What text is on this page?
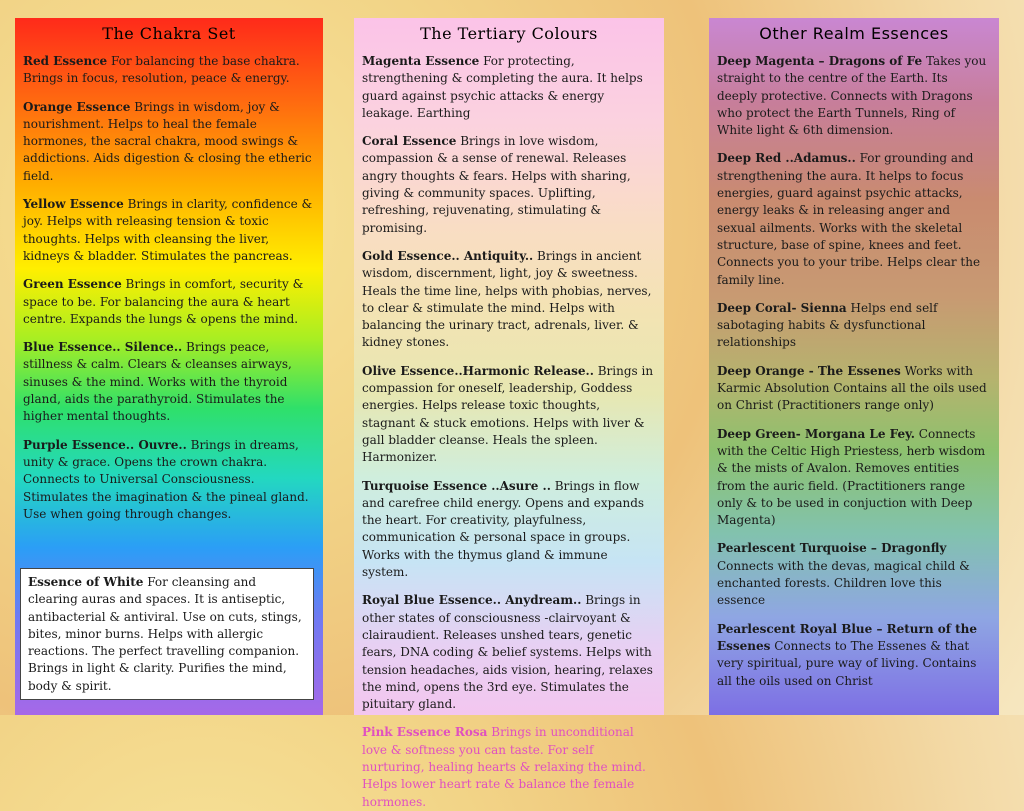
The Chakra Set

Red Essence For balancing the base chakra. Brings in focus, resolution, peace & energy.

Orange Essence Brings in wisdom, joy & nourishment. Helps to heal the female hormones, the sacral chakra, mood swings & addictions. Aids digestion & closing the etheric field.

Yellow Essence Brings in clarity, confidence & joy. Helps with releasing tension & toxic thoughts. Helps with cleansing the liver, kidneys & bladder. Stimulates the pancreas.

Green Essence Brings in comfort, security & space to be. For balancing the aura & heart centre. Expands the lungs & opens the mind.

Blue Essence.. Silence.. Brings peace, stillness & calm. Clears & cleanses airways, sinuses & the mind. Works with the thyroid gland, aids the parathyroid. Stimulates the higher mental thoughts.

Purple Essence.. Ouvre.. Brings in dreams, unity & grace. Opens the crown chakra. Connects to Universal Consciousness. Stimulates the imagination & the pineal gland. Use when going through changes.

Essence of White For cleansing and clearing auras and spaces. It is antiseptic, antibacterial & antiviral. Use on cuts, stings, bites, minor burns. Helps with allergic reactions. The perfect travelling companion. Brings in light & clarity. Purifies the mind, body & spirit.

The Tertiary Colours

Magenta Essence For protecting, strengthening & completing the aura. It helps guard against psychic attacks & energy leakage. Earthing

Coral Essence Brings in love wisdom, compassion & a sense of renewal. Releases angry thoughts & fears. Helps with sharing, giving & community spaces. Uplifting, refreshing, rejuvenating, stimulating & promising.

Gold Essence.. Antiquity.. Brings in ancient wisdom, discernment, light, joy & sweetness. Heals the time line, helps with phobias, nerves, to clear & stimulate the mind. Helps with balancing the urinary tract, adrenals, liver. & kidney stones.

Olive Essence..Harmonic Release.. Brings in compassion for oneself, leadership, Goddess energies. Helps release toxic thoughts, stagnant & stuck emotions. Helps with liver & gall bladder cleanse. Heals the spleen. Harmonizer.

Turquoise Essence ..Asure .. Brings in flow and carefree child energy. Opens and expands the heart. For creativity, playfulness, communication & personal space in groups. Works with the thymus gland & immune system.

Royal Blue Essence.. Anydream.. Brings in other states of consciousness -clairvoyant & clairaudient. Releases unshed tears, genetic fears, DNA coding & belief systems. Helps with tension headaches, aids vision, hearing, relaxes the mind, opens the 3rd eye. Stimulates the pituitary gland.

Pink Essence Rosa Brings in unconditional love & softness you can taste. For self nurturing, healing hearts & relaxing the mind. Helps lower heart rate & balance the female hormones.

Other Realm Essences

Deep Magenta – Dragons of Fe Takes you straight to the centre of the Earth. Its deeply protective. Connects with Dragons who protect the Earth Tunnels, Ring of White light & 6th dimension.

Deep Red ..Adamus.. For grounding and strengthening the aura. It helps to focus energies, guard against psychic attacks, energy leaks & in releasing anger and sexual ailments. Works with the skeletal structure, base of spine, knees and feet. Connects you to your tribe. Helps clear the family line.

Deep Coral- Sienna Helps end self sabotaging habits & dysfunctional relationships

Deep Orange - The Essenes Works with Karmic Absolution Contains all the oils used on Christ (Practitioners range only)

Deep Green- Morgana Le Fey. Connects with the Celtic High Priestess, herb wisdom & the mists of Avalon. Removes entities from the auric field. (Practitioners range only & to be used in conjuction with Deep Magenta)

Pearlescent Turquoise – Dragonfly Connects with the devas, magical child & enchanted forests. Children love this essence

Pearlescent Royal Blue – Return of the Essenes Connects to The Essenes & that very spiritual, pure way of living. Contains all the oils used on Christ
